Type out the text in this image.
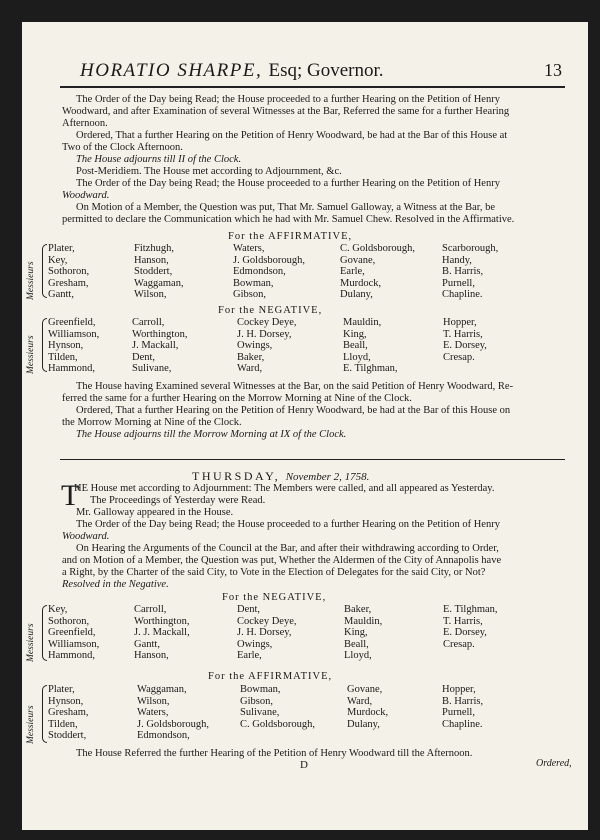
HORATIO SHARPE, Esq; Governor.	13
The Order of the Day being Read; the House proceeded to a further Hearing on the Petition of Henry
Woodward, and after Examination of several Witnesses at the Bar, Referred the same for a further Hearing
Afternoon.
Ordered, That a further Hearing on the Petition of Henry Woodward, be had at the Bar of this House at
Two of the Clock Afternoon.
The House adjourns till II of the Clock.
Post-Meridiem. The House met according to Adjournment, &c.
The Order of the Day being Read; the House proceeded to a further Hearing on the Petition of Henry
Woodward.
On Motion of a Member, the Question was put, That Mr. Samuel Galloway, a Witness at the Bar, be
permitted to declare the Communication which he had with Mr. Samuel Chew. Resolved in the Affirmative.
For the AFFIRMATIVE,
Messieurs
Plater,
Key,
Sothoron,
Gresham,
Gantt,
Fitzhugh,
Hanson,
Stoddert,
Waggaman,
Wilson,
Waters,
J. Goldsborough,
Edmondson,
Bowman,
Gibson,
C. Goldsborough,
Govane,
Earle,
Murdock,
Dulany,
Scarborough,
Handy,
B. Harris,
Purnell,
Chapline.
For the NEGATIVE,
Messieurs
Greenfield,
Williamson,
Hynson,
Tilden,
Hammond,
Carroll,
Worthington,
J. Mackall,
Dent,
Sulivane,
Cockey Deye,
J. H. Dorsey,
Owings,
Baker,
Ward,
Mauldin,
King,
Beall,
Lloyd,
E. Tilghman,
Hopper,
T. Harris,
E. Dorsey,
Cresap.
The House having Examined several Witnesses at the Bar, on the said Petition of Henry Woodward, Re-
ferred the same for a further Hearing on the Morrow Morning at Nine of the Clock.
Ordered, That a further Hearing on the Petition of Henry Woodward, be had at the Bar of this House on
the Morrow Morning at Nine of the Clock.
The House adjourns till the Morrow Morning at IX of the Clock.
THURSDAY, November 2, 1758.
T
HE House met according to Adjournment: The Members were called, and all appeared as Yesterday.
The Proceedings of Yesterday were Read.
Mr. Galloway appeared in the House.
The Order of the Day being Read; the House proceeded to a further Hearing on the Petition of Henry
Woodward.
On Hearing the Arguments of the Council at the Bar, and after their withdrawing according to Order,
and on Motion of a Member, the Question was put, Whether the Aldermen of the City of Annapolis have
a Right, by the Charter of the said City, to Vote in the Election of Delegates for the said City, or Not?
Resolved in the Negative.
For the NEGATIVE,
Messieurs
Key,
Sothoron,
Greenfield,
Williamson,
Hammond,
Carroll,
Worthington,
J. J. Mackall,
Gantt,
Hanson,
Dent,
Cockey Deye,
J. H. Dorsey,
Owings,
Earle,
Baker,
Mauldin,
King,
Beall,
Lloyd,
E. Tilghman,
T. Harris,
E. Dorsey,
Cresap.
For the AFFIRMATIVE,
Messieurs
Plater,
Hynson,
Gresham,
Tilden,
Stoddert,
Waggaman,
Wilson,
Waters,
J. Goldsborough,
Edmondson,
Bowman,
Gibson,
Sulivane,
C. Goldsborough,
Govane,
Ward,
Murdock,
Dulany,
Hopper,
B. Harris,
Purnell,
Chapline.
The House Referred the further Hearing of the Petition of Henry Woodward till the Afternoon.
D	Ordered,
